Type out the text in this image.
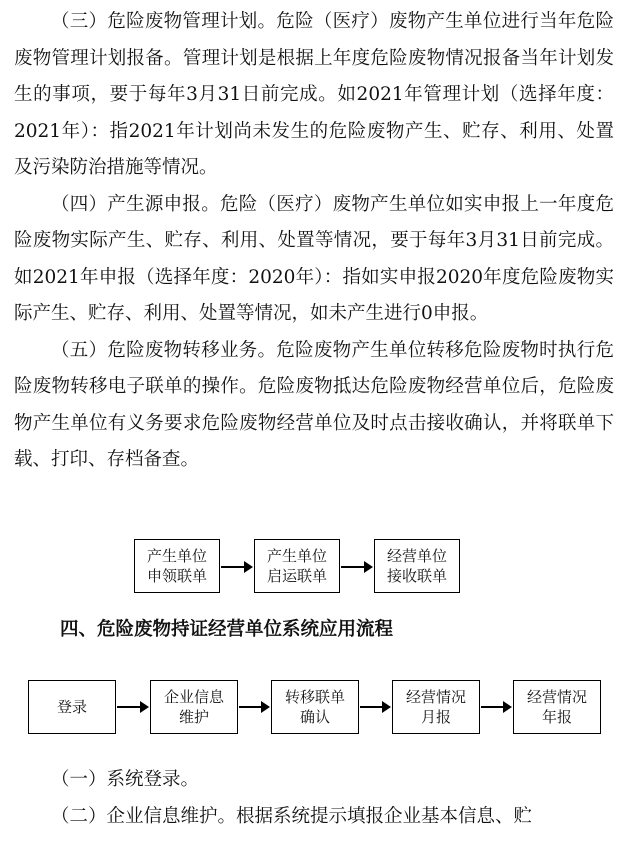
（三）危险废物管理计划。危险（医疗）废物产生单位进行当年危险废物管理计划报备。管理计划是根据上年度危险废物情况报备当年计划发生的事项，要于每年3月31日前完成。如2021年管理计划（选择年度：2021年）：指2021年计划尚未发生的危险废物产生、贮存、利用、处置及污染防治措施等情况。

（四）产生源申报。危险（医疗）废物产生单位如实申报上一年度危险废物实际产生、贮存、利用、处置等情况，要于每年3月31日前完成。如2021年申报（选择年度：2020年）：指如实申报2020年度危险废物实际产生、贮存、利用、处置等情况，如未产生进行0申报。

（五）危险废物转移业务。危险废物产生单位转移危险废物时执行危险废物转移电子联单的操作。危险废物抵达危险废物经营单位后，危险废物产生单位有义务要求危险废物经营单位及时点击接收确认，并将联单下载、打印、存档备查。

产生单位
申领联单
产生单位
启运联单
经营单位
接收联单
四、危险废物持证经营单位系统应用流程
登录
企业信息
维护
转移联单
确认
经营情况
月报
经营情况
年报

（一）系统登录。

（二）企业信息维护。根据系统提示填报企业基本信息、贮
